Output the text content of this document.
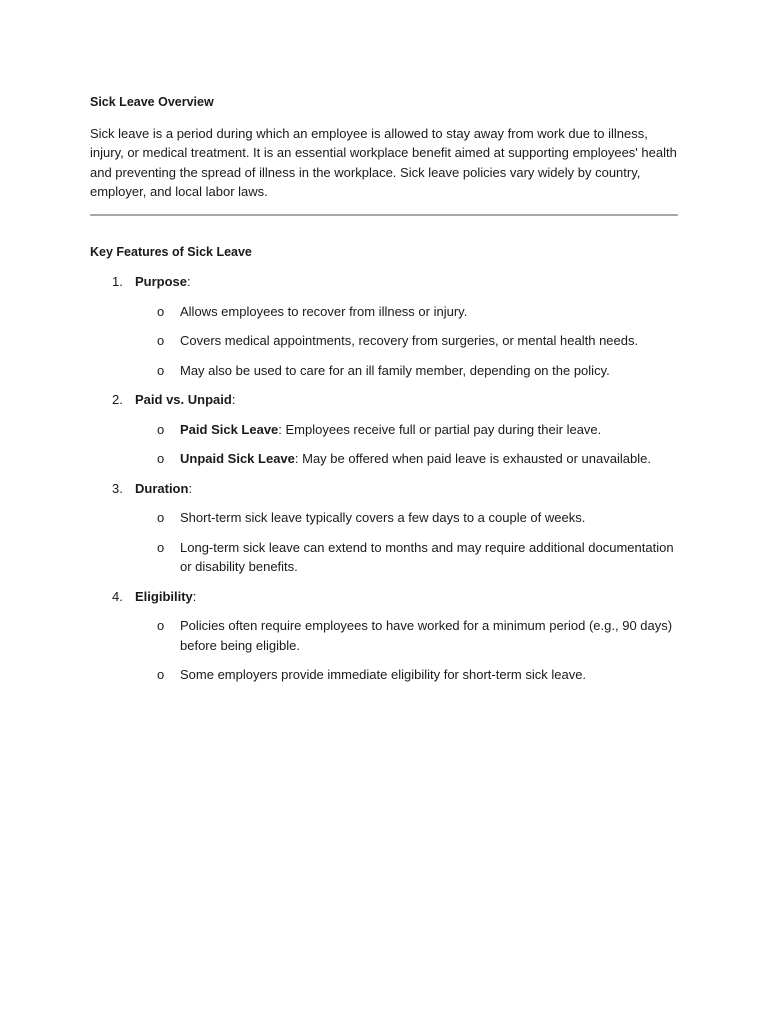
Sick Leave Overview

Sick leave is a period during which an employee is allowed to stay away from work due to illness, injury, or medical treatment. It is an essential workplace benefit aimed at supporting employees' health and preventing the spread of illness in the workplace. Sick leave policies vary widely by country, employer, and local labor laws.

Key Features of Sick Leave

1. Purpose:
o Allows employees to recover from illness or injury.
o Covers medical appointments, recovery from surgeries, or mental health needs.
o May also be used to care for an ill family member, depending on the policy.
2. Paid vs. Unpaid:
o Paid Sick Leave: Employees receive full or partial pay during their leave.
o Unpaid Sick Leave: May be offered when paid leave is exhausted or unavailable.
3. Duration:
o Short-term sick leave typically covers a few days to a couple of weeks.
o Long-term sick leave can extend to months and may require additional documentation or disability benefits.
4. Eligibility:
o Policies often require employees to have worked for a minimum period (e.g., 90 days) before being eligible.
o Some employers provide immediate eligibility for short-term sick leave.
